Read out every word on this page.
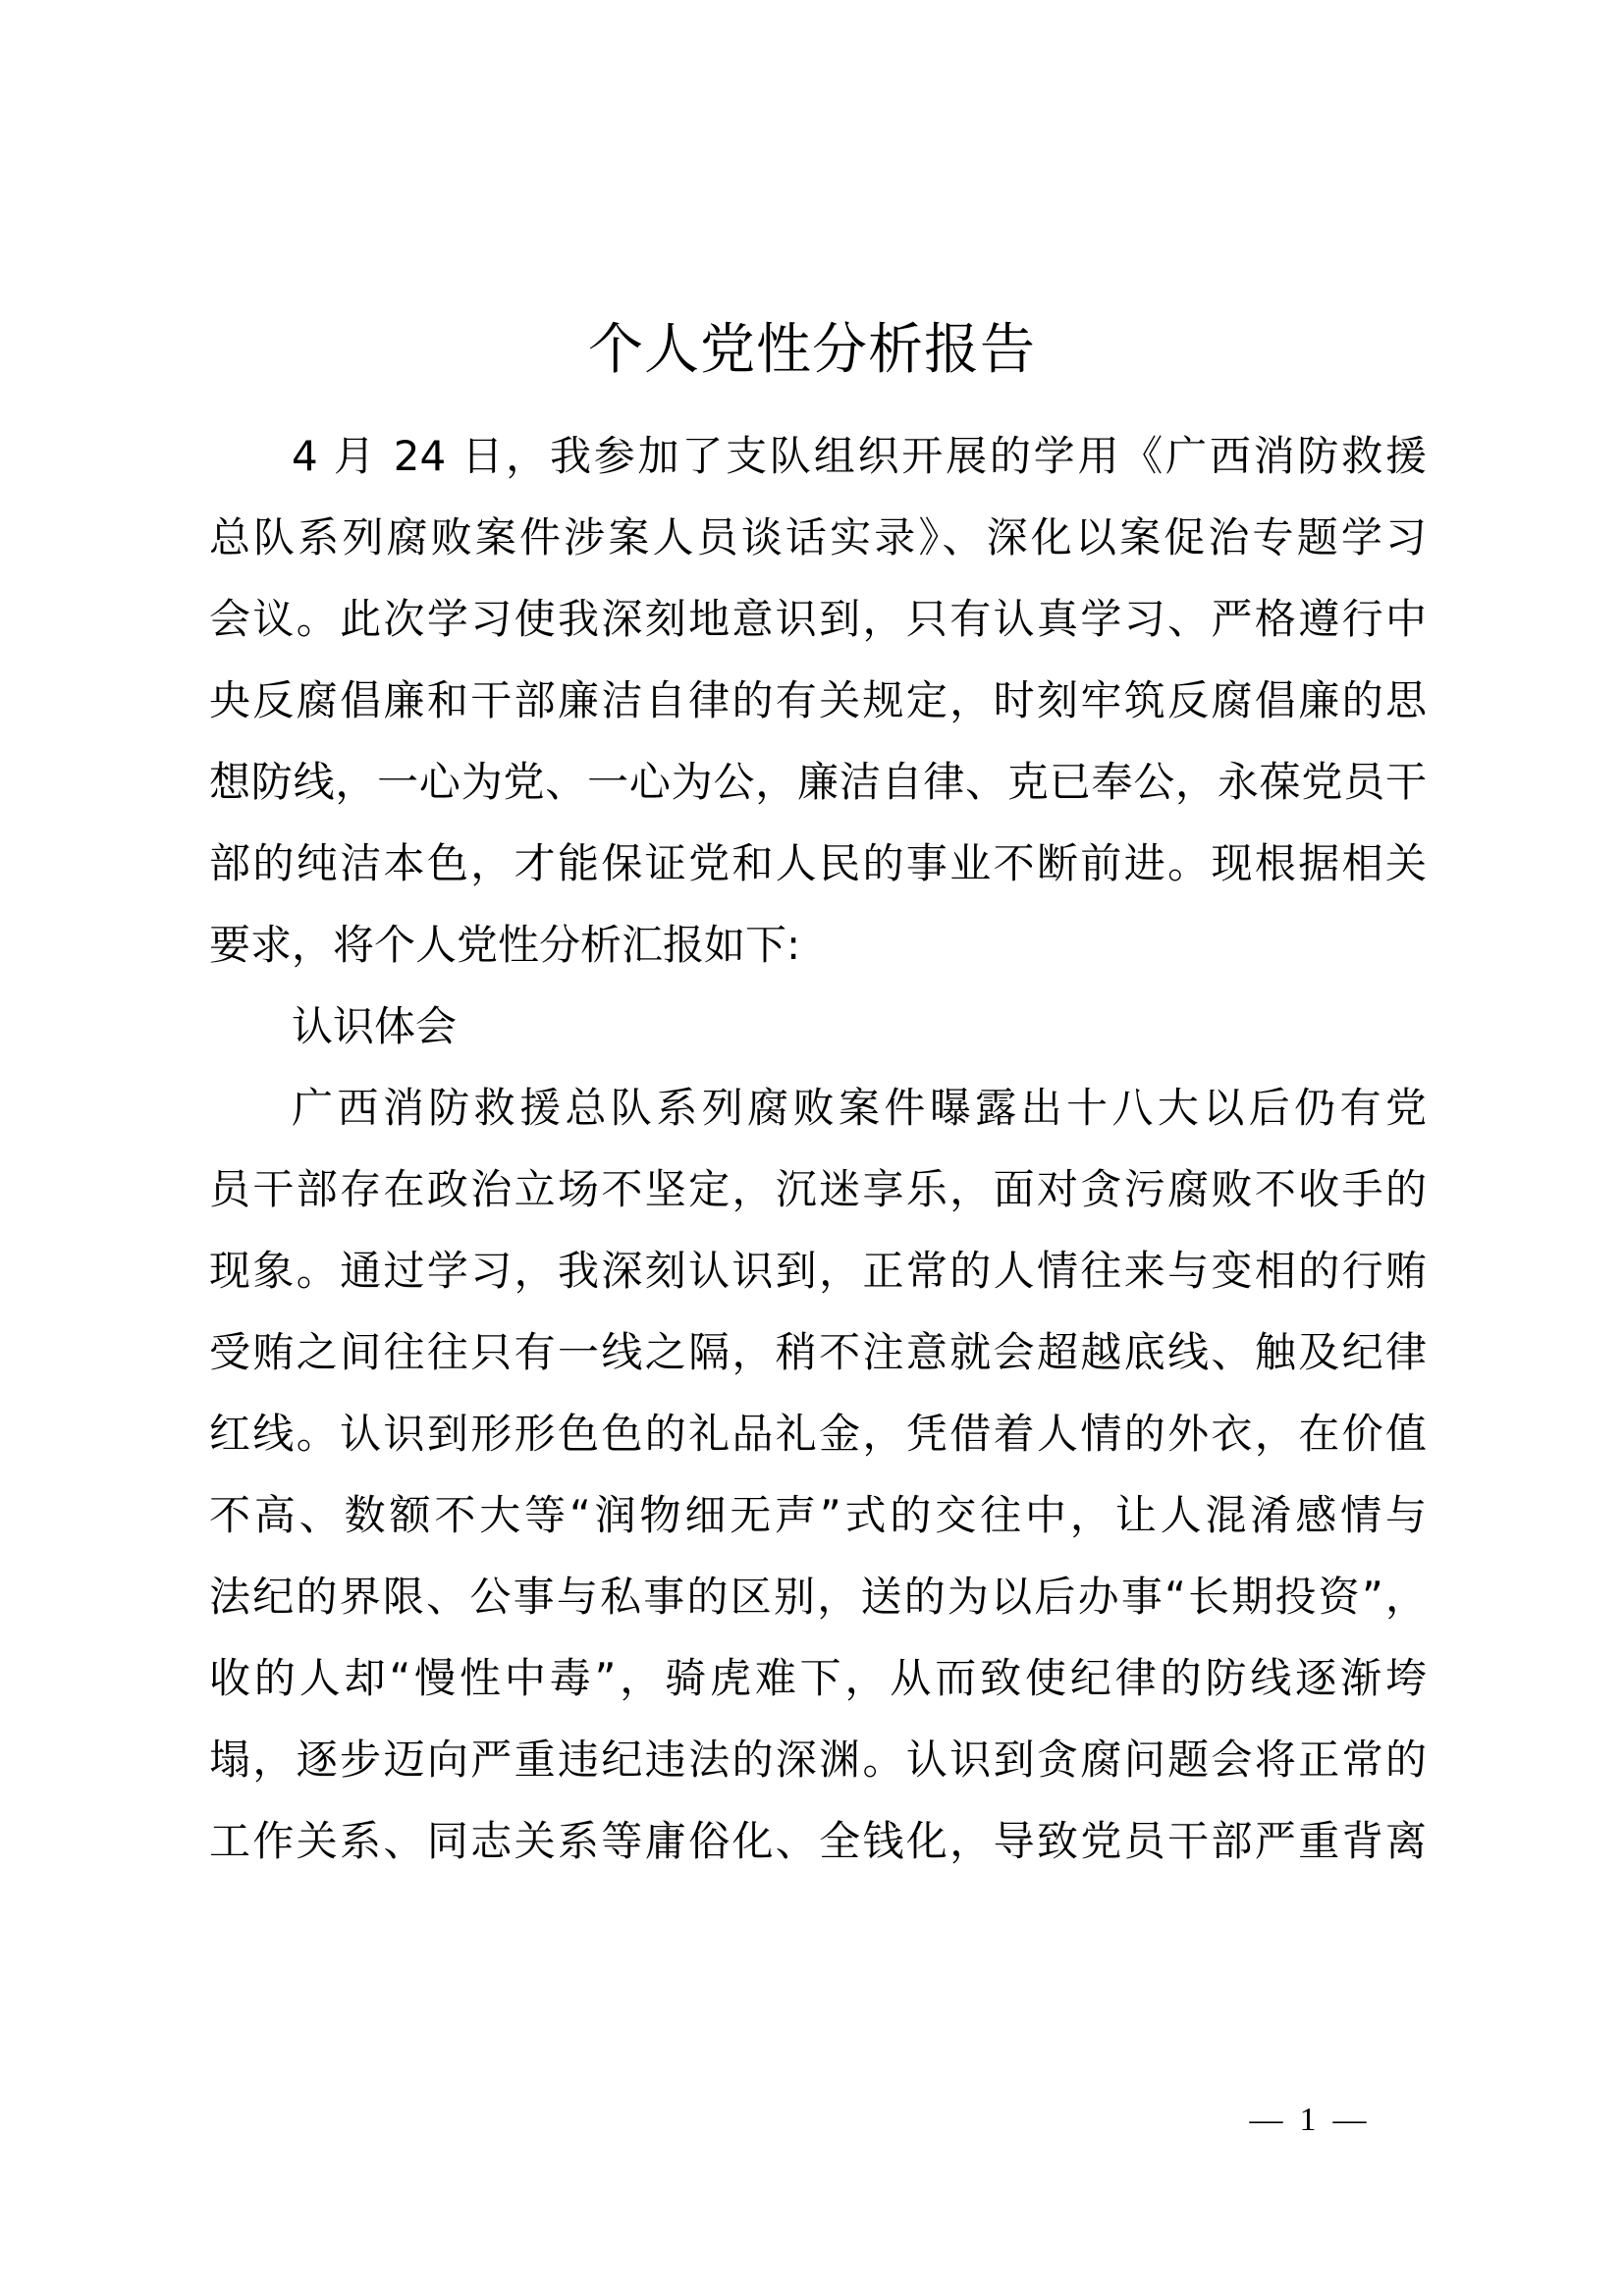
个人党性分析报告
4 月 24 日，我参加了支队组织开展的学用《广西消防救援
总队系列腐败案件涉案人员谈话实录》、深化以案促治专题学习
会议。此次学习使我深刻地意识到，只有认真学习、严格遵行中
央反腐倡廉和干部廉洁自律的有关规定，时刻牢筑反腐倡廉的思
想防线，一心为党、一心为公，廉洁自律、克已奉公，永葆党员干
部的纯洁本色，才能保证党和人民的事业不断前进。现根据相关
要求，将个人党性分析汇报如下:
认识体会
广西消防救援总队系列腐败案件曝露出十八大以后仍有党
员干部存在政治立场不坚定，沉迷享乐，面对贪污腐败不收手的
现象。通过学习，我深刻认识到，正常的人情往来与变相的行贿
受贿之间往往只有一线之隔，稍不注意就会超越底线、触及纪律
红线。认识到形形色色的礼品礼金，凭借着人情的外衣，在价值
不高、数额不大等“润物细无声”式的交往中，让人混淆感情与
法纪的界限、公事与私事的区别，送的为以后办事“长期投资”，
收的人却“慢性中毒”，骑虎难下，从而致使纪律的防线逐渐垮
塌，逐步迈向严重违纪违法的深渊。认识到贪腐问题会将正常的
工作关系、同志关系等庸俗化、全钱化，导致党员干部严重背离
—  1  —
